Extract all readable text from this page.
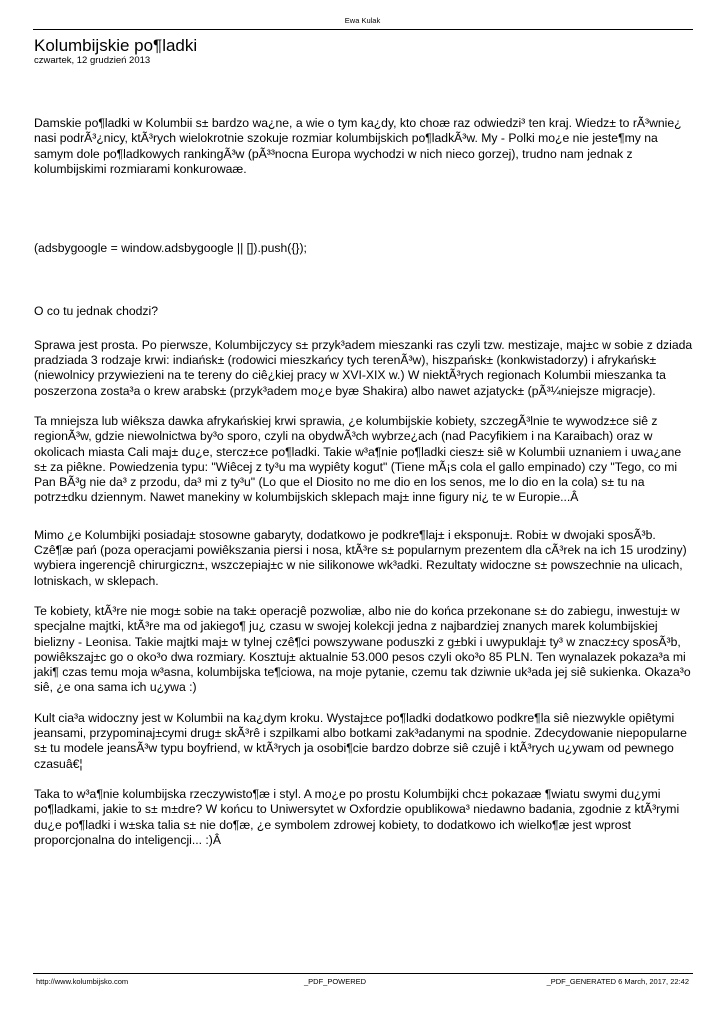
Ewa Kulak
Kolumbijskie po¶ladki
czwartek, 12 grudzień 2013

Damskie po¶ladki w Kolumbii s± bardzo wa¿ne, a wie o tym ka¿dy, kto choæ raz odwiedzi³ ten kraj. Wiedz± to rÃ³wnie¿ nasi podrÃ³¿nicy, ktÃ³rych wielokrotnie szokuje rozmiar kolumbijskich po¶ladkÃ³w. My - Polki mo¿e nie jeste¶my na samym dole po¶ladkowych rankingÃ³w (pÃ³³nocna Europa wychodzi w nich nieco gorzej), trudno nam jednak z kolumbijskimi rozmiarami konkurowaæ.

(adsbygoogle = window.adsbygoogle || []).push({});

O co tu jednak chodzi?

Sprawa jest prosta. Po pierwsze, Kolumbijczycy s± przyk³adem mieszanki ras czyli tzw. mestizaje, maj±c w sobie z dziada pradziada 3 rodzaje krwi: indiańsk± (rodowici mieszkańcy tych terenÃ³w), hiszpańsk± (konkwistadorzy) i afrykańsk± (niewolnicy przywiezieni na te tereny do ciê¿kiej pracy w XVI-XIX w.) W niektÃ³rych regionach Kolumbii mieszanka ta poszerzona zosta³a o krew arabsk± (przyk³adem mo¿e byæ Shakira) albo nawet azjatyck± (pÃ³¼niejsze migracje).

Ta mniejsza lub wiêksza dawka afrykańskiej krwi sprawia, ¿e kolumbijskie kobiety, szczegÃ³lnie te wywodz±ce siê z regionÃ³w, gdzie niewolnictwa by³o sporo, czyli na obydwÃ³ch wybrze¿ach (nad Pacyfikiem i na Karaibach) oraz w okolicach miasta Cali maj± du¿e, stercz±ce po¶ladki. Takie w³a¶nie po¶ladki ciesz± siê w Kolumbii uznaniem i uwa¿ane s± za piêkne. Powiedzenia typu: "Wiêcej z ty³u ma wypiêty kogut" (Tiene mÃ¡s cola el gallo empinado) czy "Tego, co mi Pan BÃ³g nie da³ z przodu, da³ mi z ty³u" (Lo que el Diosito no me dio en los senos, me lo dio en la cola) s± tu na potrz±dku dziennym. Nawet manekiny w kolumbijskich sklepach maj± inne figury ni¿ te w Europie...Â

Mimo ¿e Kolumbijki posiadaj± stosowne gabaryty, dodatkowo je podkre¶laj± i eksponuj±. Robi± w dwojaki sposÃ³b. Czê¶æ pań (poza operacjami powiêkszania piersi i nosa, ktÃ³re s± popularnym prezentem dla cÃ³rek na ich 15 urodziny) wybiera ingerencjê chirurgiczn±, wszczepiaj±c w nie silikonowe wk³adki. Rezultaty widoczne s± powszechnie na ulicach, lotniskach, w sklepach.

Te kobiety, ktÃ³re nie mog± sobie na tak± operacjê pozwoliæ, albo nie do końca przekonane s± do zabiegu, inwestuj± w specjalne majtki, ktÃ³re ma od jakiego¶ ju¿ czasu w swojej kolekcji jedna z najbardziej znanych marek kolumbijskiej bielizny - Leonisa. Takie majtki maj± w tylnej czê¶ci powszywane poduszki z g±bki i uwypuklaj± ty³ w znacz±cy sposÃ³b, powiêkszaj±c go o oko³o dwa rozmiary. Kosztuj± aktualnie 53.000 pesos czyli oko³o 85 PLN. Ten wynalazek pokaza³a mi jaki¶ czas temu moja w³asna, kolumbijska te¶ciowa, na moje pytanie, czemu tak dziwnie uk³ada jej siê sukienka. Okaza³o siê, ¿e ona sama ich u¿ywa :)

Kult cia³a widoczny jest w Kolumbii na ka¿dym kroku. Wystaj±ce po¶ladki dodatkowo podkre¶la siê niezwykle opiêtymi jeansami, przypominaj±cymi drug± skÃ³rê i szpilkami albo botkami zak³adanymi na spodnie. Zdecydowanie niepopularne s± tu modele jeansÃ³w typu boyfriend, w ktÃ³rych ja osobi¶cie bardzo dobrze siê czujê i ktÃ³rych u¿ywam od pewnego czasuâ€¦

Taka to w³a¶nie kolumbijska rzeczywisto¶æ i styl. A mo¿e po prostu Kolumbijki chc± pokazaæ ¶wiatu swymi du¿ymi po¶ladkami, jakie to s± m±dre? W końcu to Uniwersytet w Oxfordzie opublikowa³ niedawno badania, zgodnie z ktÃ³rymi du¿e po¶ladki i w±ska talia s± nie do¶æ, ¿e symbolem zdrowej kobiety, to dodatkowo ich wielko¶æ jest wprost proporcjonalna do inteligencji... :)Â

http://www.kolumbijsko.com	_PDF_POWERED	_PDF_GENERATED 6 March, 2017, 22:42
